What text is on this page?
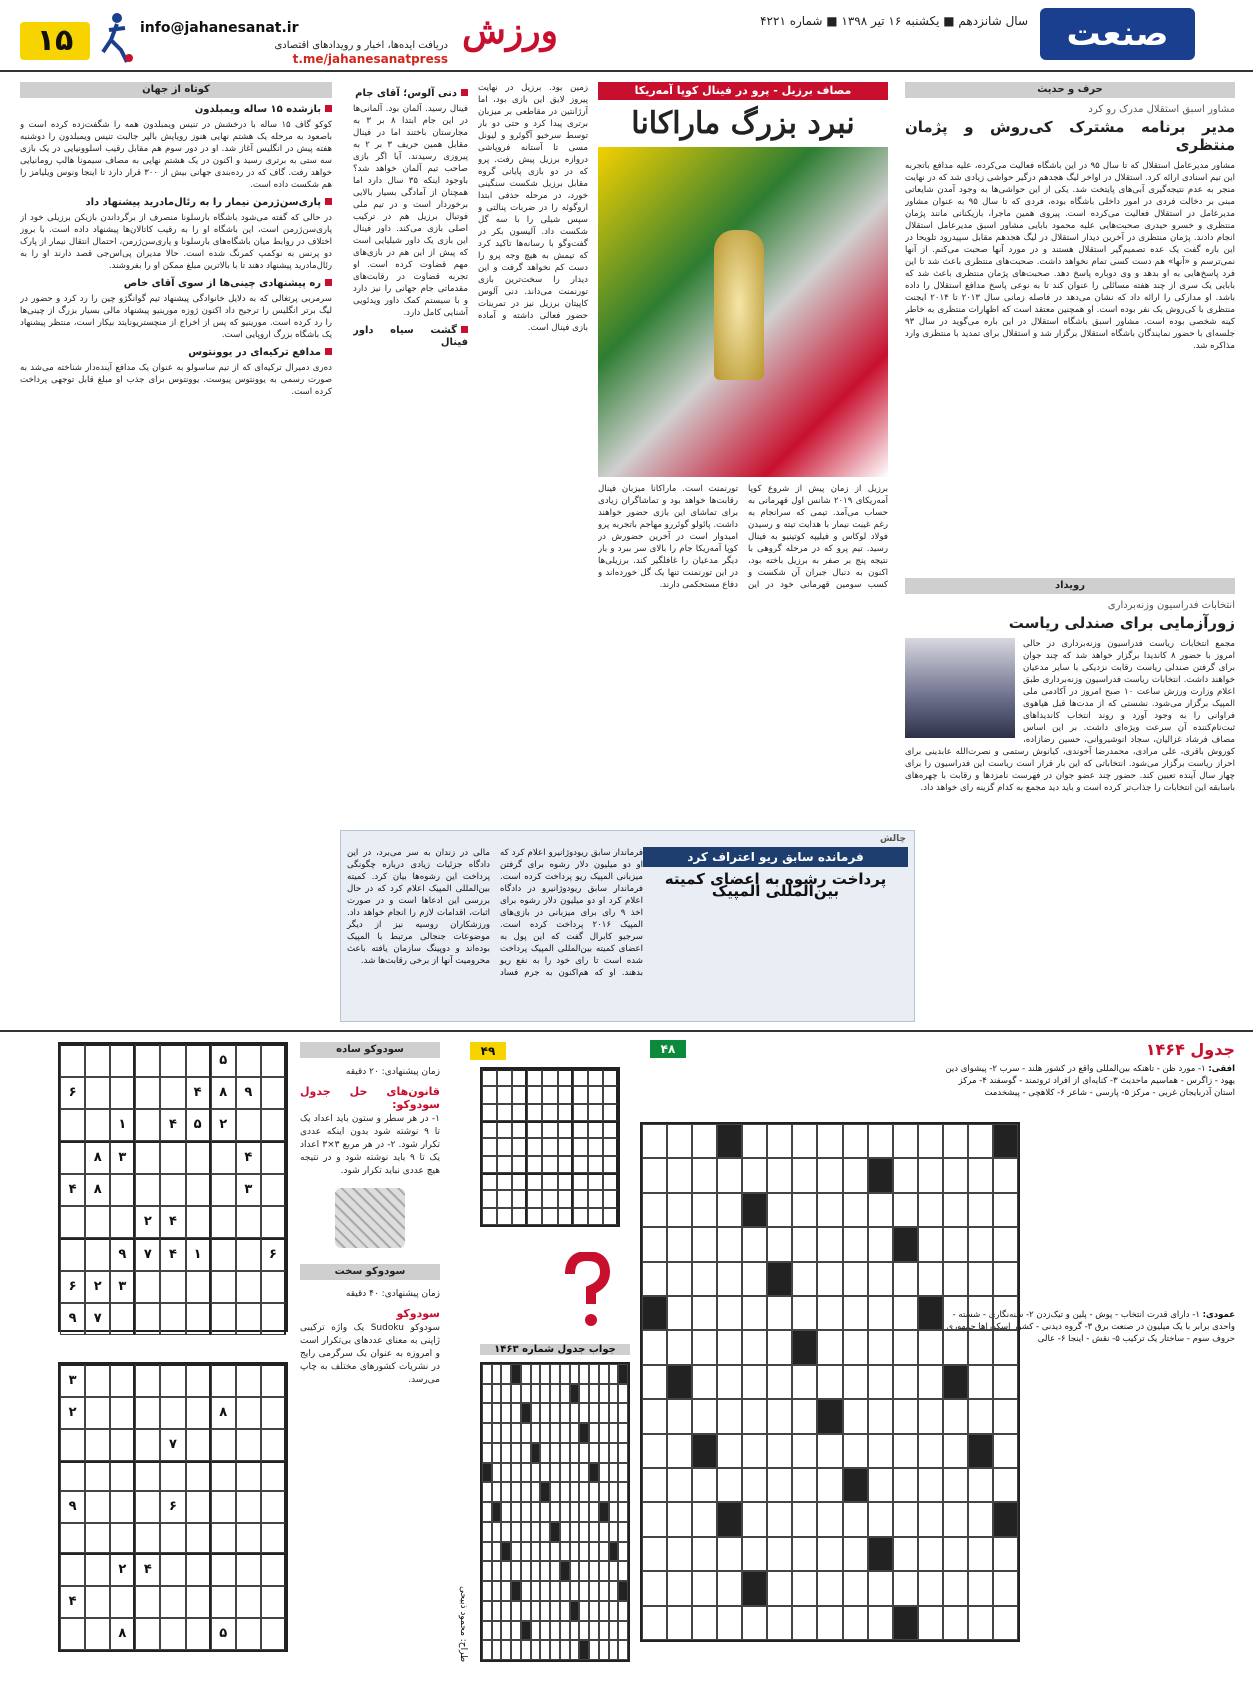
صنعت
سال شانزدهم ■ یکشنبه ۱۶ تیر ۱۳۹۸ ■ شماره ۴۲۲۱
دریافت ایده‌ها، اخبار و رویدادهای اقتصادی
t.me/jahanesanatpress
ورزش
info@jahanesanat.ir
۱۵
حرف و حدیث
مشاور اسبق استقلال مدرک رو کرد
مدیر برنامه مشترک کی‌روش و پژمان منتظری
مشاور مدیرعامل استقلال که تا سال ۹۵ در این باشگاه فعالیت می‌کرده، علیه مدافع باتجربه این تیم اسنادی ارائه کرد. استقلال در اواخر لیگ هجدهم درگیر حواشی زیادی شد که در نهایت منجر به عدم نتیجه‌گیری آبی‌های پایتخت شد. یکی از این حواشی‌ها به وجود آمدن شایعاتی مبنی بر دخالت فردی در امور داخلی باشگاه بوده، فردی که تا سال ۹۵ به عنوان مشاور مدیرعامل در استقلال فعالیت می‌کرده است. پیروی همین ماجرا، بازیکنانی مانند پژمان منتظری و خسرو حیدری صحبت‌هایی علیه محمود بابایی مشاور اسبق مدیرعامل استقلال انجام دادند. پژمان منتظری در آخرین دیدار استقلال در لیگ هجدهم مقابل سپیدرود تلویحا در این باره گفت یک عده تصمیم‌گیر استقلال هستند و در مورد آنها صحبت می‌کنم. از آنها نمی‌ترسم و «آنها» هم دست کسی تمام نخواهد داشت. صحبت‌های منتظری باعث شد تا این فرد پاسخ‌هایی به او بدهد و وی دوباره پاسخ دهد. صحبت‌های پژمان منتظری باعث شد که بابایی یک سری از چند هفته مسائلی را عنوان کند تا به نوعی پاسخ مدافع استقلال را داده باشد. او مدارکی را ارائه داد که نشان می‌دهد در فاصله زمانی سال ۲۰۱۳ تا ۲۰۱۴ ایجنت منتظری با کی‌روش یک نفر بوده است. او همچنین معتقد است که اظهارات منتظری به خاطر کینه شخصی بوده است. مشاور اسبق باشگاه استقلال در این باره می‌گوید در سال ۹۳ جلسه‌ای با حضور نمایندگان باشگاه استقلال برگزار شد و استقلال برای تمدید با منتظری وارد مذاکره شد.
رویداد
انتخابات فدراسیون وزنه‌برداری
زورآزمایی برای صندلی ریاست
مجمع انتخابات ریاست فدراسیون وزنه‌برداری در حالی امروز با حضور ۸ کاندیدا برگزار خواهد شد که چند جوان برای گرفتن صندلی ریاست رقابت نزدیکی با سایر مدعیان خواهند داشت. انتخابات ریاست فدراسیون وزنه‌برداری طبق اعلام وزارت ورزش ساعت ۱۰ صبح امروز در آکادمی ملی المپیک برگزار می‌شود. نشستی که از مدت‌ها قبل هیاهوی فراوانی را به وجود آورد و روند انتخاب کاندیداهای ثبت‌نام‌کننده آن سرعت ویژه‌ای داشت. بر این اساس مصاف فرشاد غزالیان، سجاد انوشیروانی، حسین رضازاده، کوروش باقری، علی مرادی، محمدرضا آخوندی، کیانوش رستمی و نصرت‌الله عابدینی برای احراز ریاست برگزار می‌شود. انتخاباتی که این بار قرار است ریاست این فدراسیون را برای چهار سال آینده تعیین کند. حضور چند عضو جوان در فهرست نامزدها و رقابت با چهره‌های باسابقه این انتخابات را جذاب‌تر کرده است و باید دید مجمع به کدام گزینه رای خواهد داد.
مصاف برزیل - پرو در فینال کوپا آمه‌ریکا
نبرد بزرگ ماراکانا
برزیل از زمان پیش از شروع کوپا آمه‌ریکای ۲۰۱۹ شانس اول قهرمانی به حساب می‌آمد. تیمی که سرانجام به رغم غیبت نیمار با هدایت تیته و رسیدن فولاد لوکاس و فیلیپه کوتینیو به فینال رسید. تیم پرو که در مرحله گروهی با نتیجه پنج بر صفر به برزیل باخته بود، اکنون به دنبال جبران آن شکست و کسب سومین قهرمانی خود در این تورنمنت است. ماراکانا میزبان فینال رقابت‌ها خواهد بود و تماشاگران زیادی برای تماشای این بازی حضور خواهند داشت. پائولو گوئررو مهاجم باتجربه پرو امیدوار است در آخرین حضورش در کوپا آمه‌ریکا جام را بالای سر ببرد و بار دیگر مدعیان را غافلگیر کند. برزیلی‌ها در این تورنمنت تنها یک گل خورده‌اند و دفاع مستحکمی دارند.
زمین بود. برزیل در نهایت پیروز لایق این بازی بود، اما آرژانتین در مقاطعی بر میزبان برتری پیدا کرد و حتی دو بار توسط سرخیو آگوئرو و لیونل مسی تا آستانه فروپاشی دروازه برزیل پیش رفت. پرو که در دو بازی پایانی گروه مقابل برزیل شکست سنگینی خورد، در مرحله حذفی ابتدا اروگوئه را در ضربات پنالتی و سپس شیلی را با سه گل شکست داد. آلیسون بکر در گفت‌وگو با رسانه‌ها تاکید کرد که تیمش به هیچ وجه پرو را دست کم نخواهد گرفت و این دیدار را سخت‌ترین بازی تورنمنت می‌داند. دنی آلوس کاپیتان برزیل نیز در تمرینات حضور فعالی داشته و آماده بازی فینال است.
دنی آلوس؛ آقای جام
فینال رسید. آلمان بود. آلمانی‌ها در این جام ابتدا ۸ بر ۳ به مجارستان باختند اما در فینال مقابل همین حریف ۳ بر ۲ به پیروزی رسیدند. آیا اگر بازی صاحب تیم آلمان خواهد شد؟ باوجود اینکه ۳۵ سال دارد اما همچنان از آمادگی بسیار بالایی برخوردار است و در تیم ملی فوتبال برزیل هم در ترکیب اصلی بازی می‌کند. داور فینال این بازی یک داور شیلیایی است که پیش از این هم در بازی‌های مهم قضاوت کرده است. او تجربه قضاوت در رقابت‌های مقدماتی جام جهانی را نیز دارد و با سیستم کمک داور ویدئویی آشنایی کامل دارد.
گشت سیاه داور فینال
کوتاه از جهان
بازشده ۱۵ ساله ویمبلدون
کوکو گاف ۱۵ ساله با درخشش در تنیس ویمبلدون همه را شگفت‌زده کرده است و باصعود به مرحله یک هشتم نهایی هنوز رویاپش بالپر جالبت تنیس ویمبلدون را دوشنبه هفته پیش در انگلیس آغاز شد. او در دور سوم هم مقابل رقیب اسلوونیایی در یک بازی سه ستی به برتری رسید و اکنون در یک هشتم نهایی به مصاف سیمونا هالپ رومانیایی خواهد رفت. گاف که در رده‌بندی جهانی بیش از ۳۰۰ قرار دارد تا اینجا ونوس ویلیامز را هم شکست داده است.
پاری‌سن‌ژرمن نیمار را به رئال‌مادرید پیشنهاد داد
در حالی که گفته می‌شود باشگاه بارسلونا منصرف از برگرداندن بازیکن برزیلی خود از پاری‌سن‌ژرمن است، این باشگاه او را به رقیب کاتالان‌ها پیشنهاد داده است. با بروز اختلاف در روابط میان باشگاه‌های بارسلونا و پاری‌سن‌ژرمن، احتمال انتقال نیمار از پارک دو پرنس به نوکمپ کمرنگ شده است. حالا مدیران پی‌اس‌جی قصد دارند او را به رئال‌مادرید پیشنهاد دهند تا با بالاترین مبلغ ممکن او را بفروشند.
ره پیشنهادی چینی‌ها از سوی آقای خاص
سرمربی پرتغالی که به دلایل خانوادگی پیشنهاد تیم گوانگژو چین را رد کرد و حضور در لیگ برتر انگلیس را ترجیح داد اکنون ژوزه مورینیو پیشنهاد مالی بسیار بزرگ از چینی‌ها را رد کرده است. مورینیو که پس از اخراج از منچستریونایتد بیکار است، منتظر پیشنهاد یک باشگاه بزرگ اروپایی است.
مدافع ترکیه‌ای در یوونتوس
ده‌ری دمیرال ترکیه‌ای که از تیم ساسولو به عنوان یک مدافع آینده‌دار شناخته می‌شد به صورت رسمی به یوونتوس پیوست. یوونتوس برای جذب او مبلغ قابل توجهی پرداخت کرده است.
چالش
فرمانده سابق ریو اعتراف کرد
پرداخت رشوه به اعضای کمیته بین‌المللی المپیک
فرماندار سابق ریودوژانیرو اعلام کرد که او دو میلیون دلار رشوه برای گرفتن میزبانی المپیک ریو پرداخت کرده است. فرماندار سابق ریودوژانیرو در دادگاه اعلام کرد او دو میلیون دلار رشوه برای اخذ ۹ رای برای میزبانی در بازی‌های المپیک ۲۰۱۶ پرداخت کرده است. سرجیو کابرال گفت که این پول به اعضای کمیته بین‌المللی المپیک پرداخت شده است تا رای خود را به نفع ریو بدهند. او که هم‌اکنون به جرم فساد مالی در زندان به سر می‌برد، در این دادگاه جزئیات زیادی درباره چگونگی پرداخت این رشوه‌ها بیان کرد. کمیته بین‌المللی المپیک اعلام کرد که در حال بررسی این ادعاها است و در صورت اثبات، اقدامات لازم را انجام خواهد داد. ورزشکاران روسیه نیز از دیگر موضوعات جنجالی مرتبط با المپیک بوده‌اند و دوپینگ سازمان یافته باعث محرومیت آنها از برخی رقابت‌ها شد.
جدول ۱۴۶۴
افقی: ۱- مورد ظن - تاهنکه بین‌المللی واقع در کشور هلند - سرب ۲- پیشوای دین یهود - زاگرس - هماسیم ماحدیث ۳- کنایه‌ای از افراد ثروتمند - گوسفند ۴- مرکز استان آذربایجان غربی - مرکز ۵- پارسی - شاعر ۶- کلاهچی - پیشخدمت
عمودی: ۱- دارای قدرت انتخاب - پوش - پلین و تیک‌زدن ۲- سنه‌نگاری - شسته - واحدی برابر با یک میلیون در صنعت برق ۳- گروه دیدنی - کشور اسکوراها جمهوری حروف سوم - ساختار یک ترکیب ۵- نقش - اینجا ۶- عالی
۴۸
۴۹
جواب جدول شماره ۱۴۶۳
طراح: محمود ذبیحی
سودوکو ساده
زمان پیشنهادی: ۲۰ دقیقه
قانون‌های حل جدول سودوکو:
۱- در هر سطر و ستون باید اعداد یک تا ۹ نوشته شود بدون اینکه عددی تکرار شود. ۲- در هر مربع ۳×۳ اعداد یک تا ۹ باید نوشته شود و در نتیجه هیچ عددی نباید تکرار شود.
سودوکو سخت
زمان پیشنهادی: ۴۰ دقیقه
سودوکو
سودوکو Sudoku یک واژه ترکیبی ژاپنی به معنای عددهای بی‌تکرار است و امروزه به عنوان یک سرگرمی رایج در نشریات کشورهای مختلف به چاپ می‌رسد.
۵
۹
۸
۴
۶
۲
۵
۴
۱
۴
۳
۸
۳
۸
۴
۴
۲
۶
۱
۴
۷
۹
۳
۲
۶
۷
۹
۳
۸
۲
۷
۶
۹
۴
۲
۴
۵
۸
